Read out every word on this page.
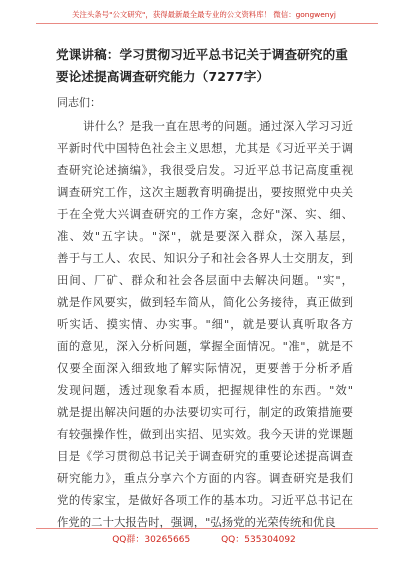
关注头条号"公文研究"，获得最新最全最专业的公文资料库！ 微信：gongwenyj
党课讲稿：学习贯彻习近平总书记关于调查研究的重要论述提高调查研究能力（7277字）

同志们：

讲什么？是我一直在思考的问题。通过深入学习习近
平新时代中国特色社会主义思想，尤其是《习近平关于调
查研究论述摘编》，我很受启发。习近平总书记高度重视
调查研究工作，这次主题教育明确提出，要按照党中央关
于在全党大兴调查研究的工作方案，念好"深、实、细、
准、效"五字诀。"深"，就是要深入群众，深入基层，
善于与工人、农民、知识分子和社会各界人士交朋友，到
田间、厂矿、群众和社会各层面中去解决问题。"实"，
就是作风要实，做到轻车简从，简化公务接待，真正做到
听实话、摸实情、办实事。"细"，就是要认真听取各方
面的意见，深入分析问题，掌握全面情况。"准"，就是不
仅要全面深入细致地了解实际情况，更要善于分析矛盾
发现问题，透过现象看本质，把握规律性的东西。"效"
就是提出解决问题的办法要切实可行，制定的政策措施要
有较强操作性，做到出实招、见实效。我今天讲的党课题
目是《学习贯彻总书记关于调查研究的重要论述提高调查
研究能力》，重点分享六个方面的内容。调查研究是我们
党的传家宝，是做好各项工作的基本功。习近平总书记在
作党的二十大报告时，强调，"弘扬党的光荣传统和优良
QQ群：30265665	QQ：535304092
